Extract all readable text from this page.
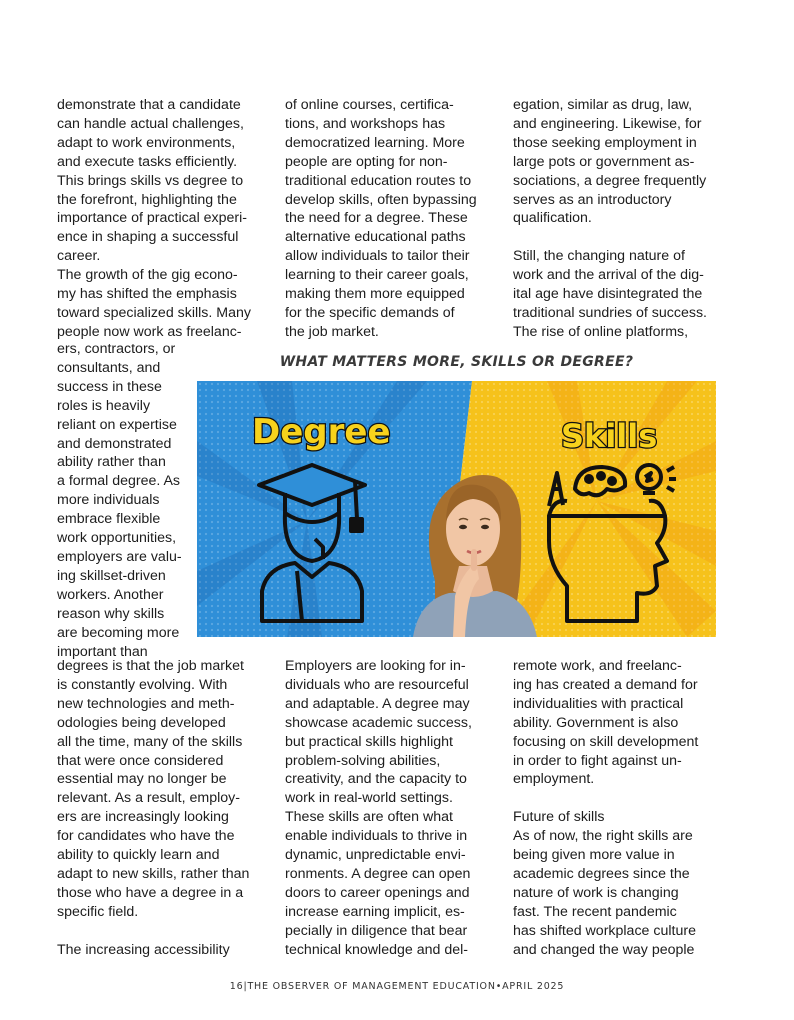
demonstrate that a candidate

can handle actual challenges,

adapt to work environments,

and execute tasks efficiently.

This brings skills vs degree to

the forefront, highlighting the

importance of practical experi-

ence in shaping a successful

career.

The growth of the gig econo-

my has shifted the emphasis

toward specialized skills. Many

people now work as freelanc-

ers, contractors, or

consultants, and

success in these

roles is heavily

reliant on expertise

and demonstrated

ability rather than

a formal degree. As

more individuals

embrace flexible

work opportunities,

employers are valu-

ing skillset-driven

workers. Another

reason why skills

are becoming more

important than

degrees is that the job market

is constantly evolving. With

new technologies and meth-

odologies being developed

all the time, many of the skills

that were once considered

essential may no longer be

relevant. As a result, employ-

ers are increasingly looking

for candidates who have the

ability to quickly learn and

adapt to new skills, rather than

those who have a degree in a

specific field.

The increasing accessibility

of online courses, certifica-

tions, and workshops has

democratized learning. More

people are opting for non-

traditional education routes to

develop skills, often bypassing

the need for a degree. These

alternative educational paths

allow individuals to tailor their

learning to their career goals,

making them more equipped

for the specific demands of

the job market.

Employers are looking for in-

dividuals who are resourceful

and adaptable. A degree may

showcase academic success,

but practical skills highlight

problem-solving abilities,

creativity, and the capacity to

work in real-world settings.

These skills are often what

enable individuals to thrive in

dynamic, unpredictable envi-

ronments. A degree can open

doors to career openings and

increase earning implicit, es-

pecially in diligence that bear

technical knowledge and del-

egation, similar as drug, law,

and engineering. Likewise, for

those seeking employment in

large pots or government as-

sociations, a degree frequently

serves as an introductory

qualification.

Still, the changing nature of

work and the arrival of the dig-

ital age have disintegrated the

traditional sundries of success.

The rise of online platforms,

remote work, and freelanc-

ing has created a demand for

individualities with practical

ability. Government is also

focusing on skill development

in order to fight against un-

employment.

Future of skills

As of now, the right skills are

being given more value in

academic degrees since the

nature of work is changing

fast. The recent pandemic

has shifted workplace culture

and changed the way people

WHAT MATTERS MORE, SKILLS OR DEGREE?
Degree	Skills
16|THE OBSERVER OF MANAGEMENT EDUCATION•APRIL 2025
